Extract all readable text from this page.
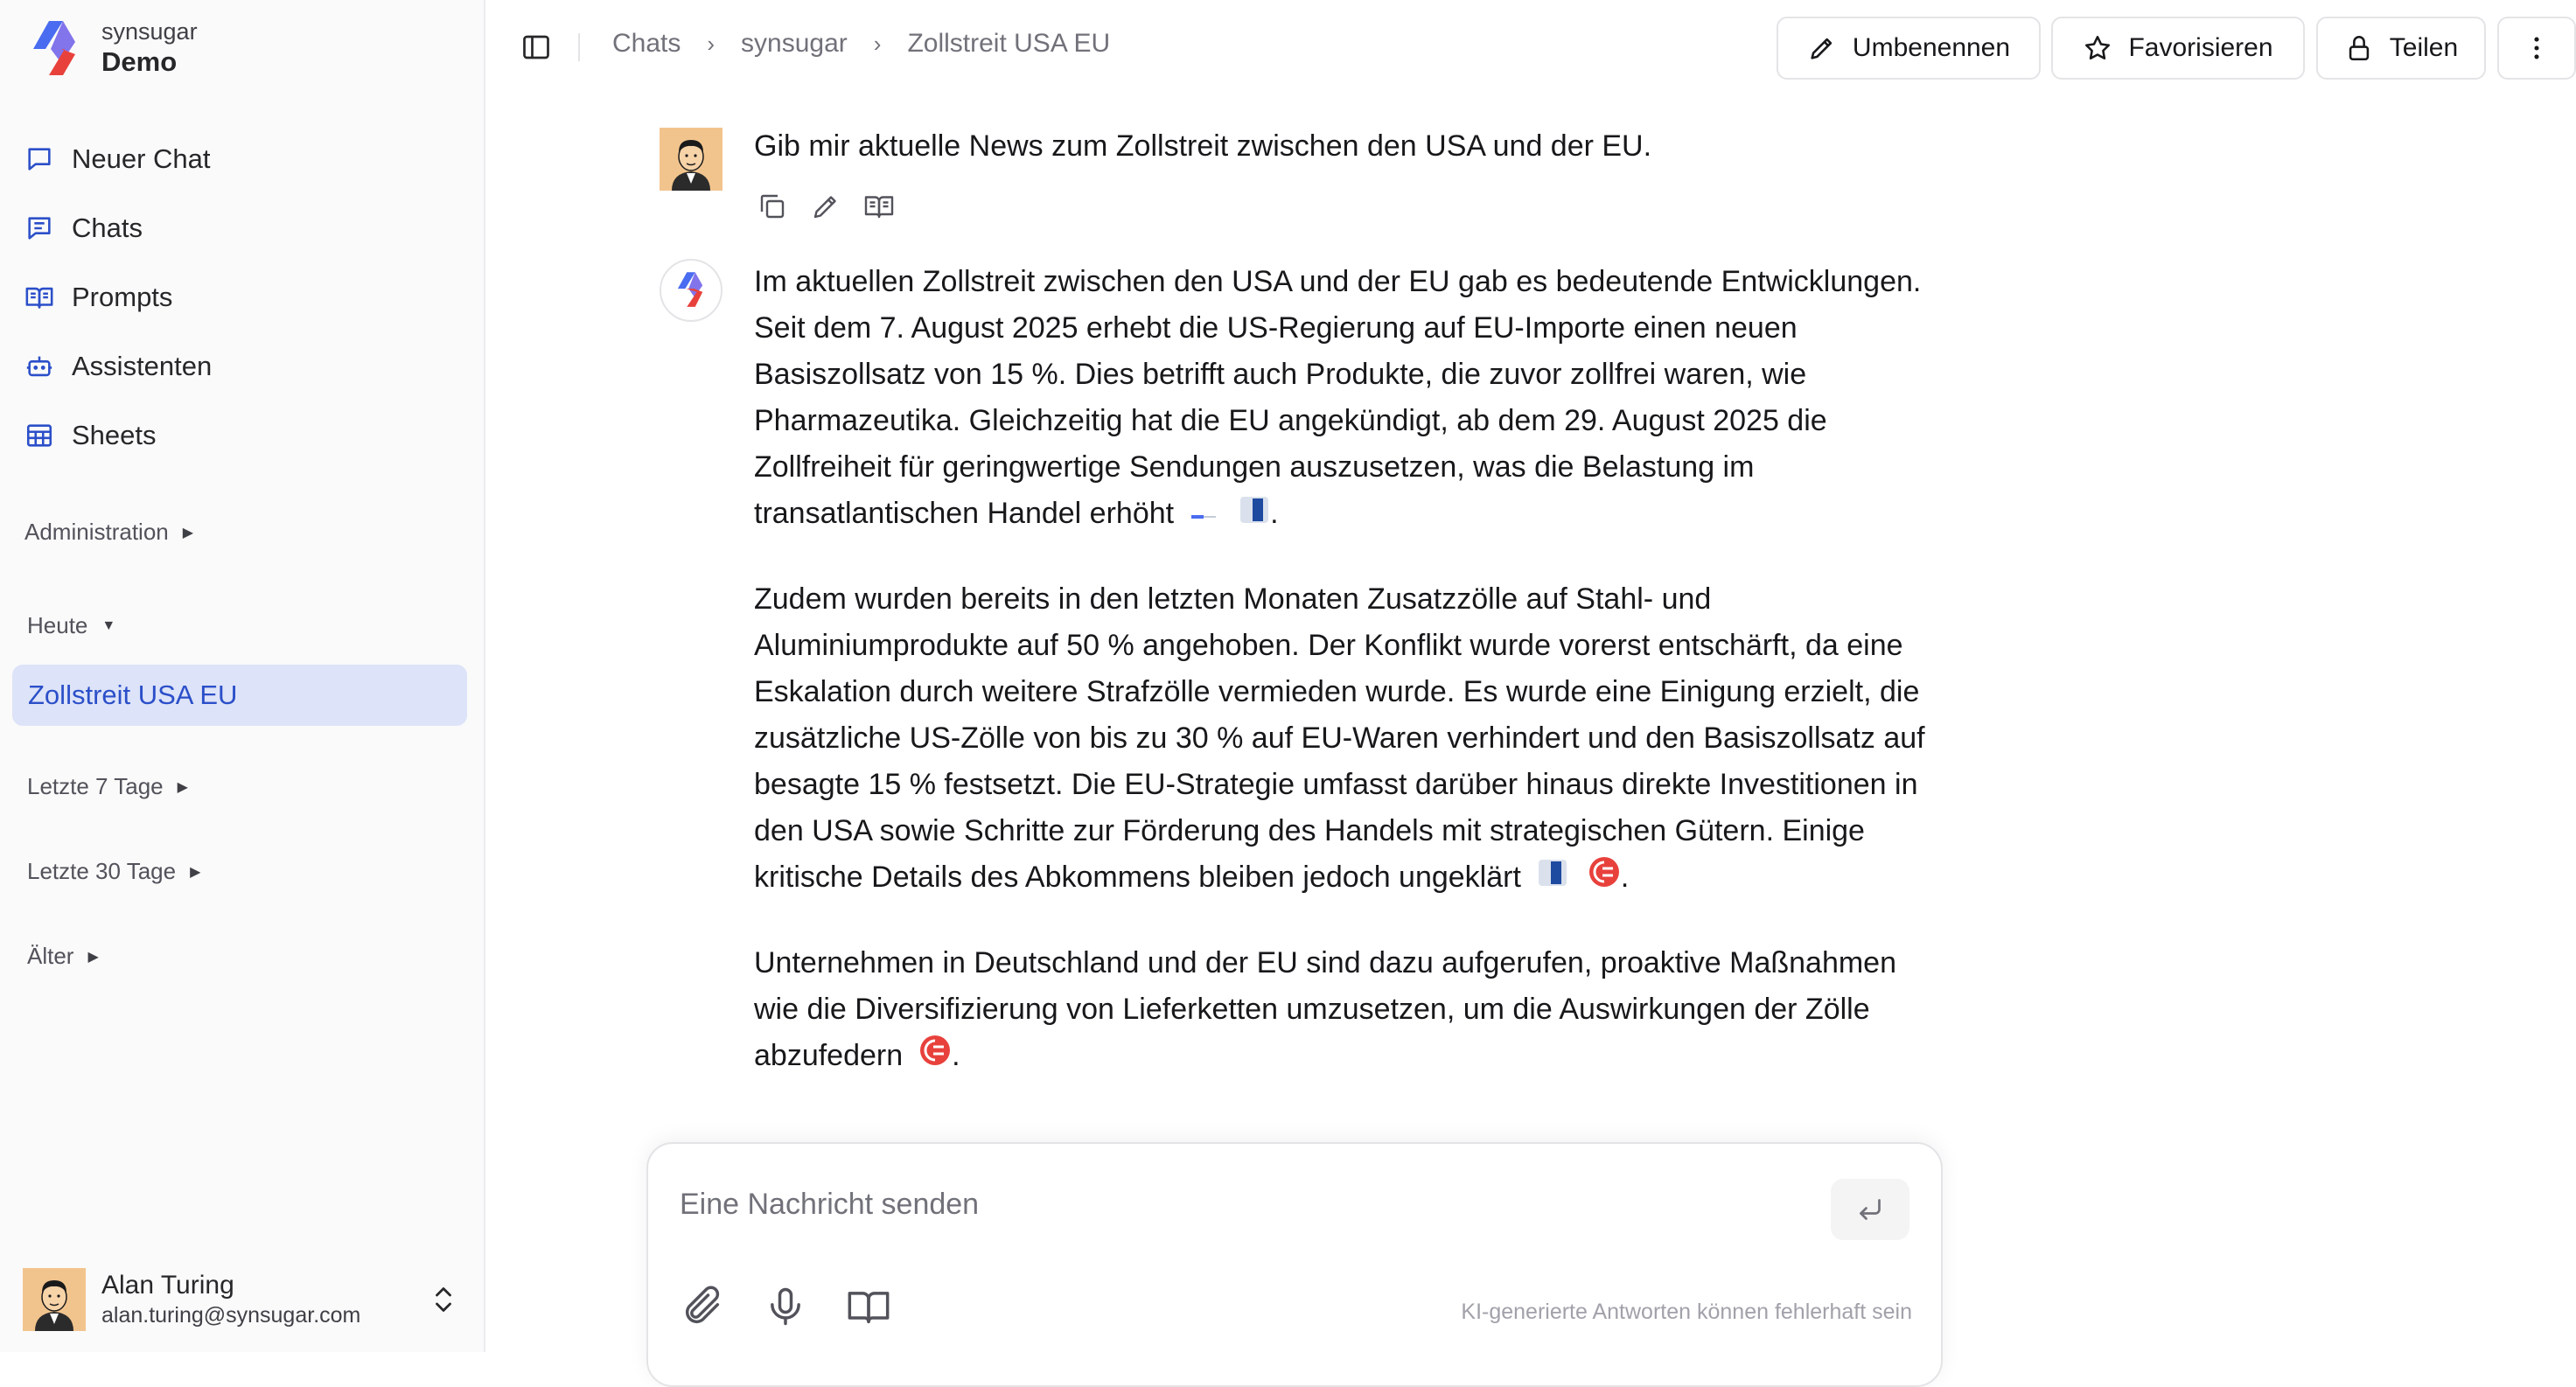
synsugar
Demo
Neuer Chat
Chats
Prompts
Assistenten
Sheets
Administration ▶
Heute ▼
Zollstreit USA EU
Letzte 7 Tage ▶
Letzte 30 Tage ▶
Älter ▶
Alan Turing
alan.turing@synsugar.com
Chats › synsugar › Zollstreit USA EU	Umbenennen	Favorisieren	Teilen
Gib mir aktuelle News zum Zollstreit zwischen den USA und der EU.

Im aktuellen Zollstreit zwischen den USA und der EU gab es bedeutende Entwicklungen. Seit dem 7. August 2025 erhebt die US-Regierung auf EU-Importe einen neuen Basiszollsatz von 15 %. Dies betrifft auch Produkte, die zuvor zollfrei waren, wie Pharmazeutika. Gleichzeitig hat die EU angekündigt, ab dem 29. August 2025 die Zollfreiheit für geringwertige Sendungen auszusetzen, was die Belastung im transatlantischen Handel erhöht	.

Zudem wurden bereits in den letzten Monaten Zusatzzölle auf Stahl- und Aluminiumprodukte auf 50 % angehoben. Der Konflikt wurde vorerst entschärft, da eine Eskalation durch weitere Strafzölle vermieden wurde. Es wurde eine Einigung erzielt, die zusätzliche US-Zölle von bis zu 30 % auf EU-Waren verhindert und den Basiszollsatz auf besagte 15 % festsetzt. Die EU-Strategie umfasst darüber hinaus direkte Investitionen in den USA sowie Schritte zur Förderung des Handels mit strategischen Gütern. Einige kritische Details des Abkommens bleiben jedoch ungeklärt	.

Unternehmen in Deutschland und der EU sind dazu aufgerufen, proaktive Maßnahmen wie die Diversifizierung von Lieferketten umzusetzen, um die Auswirkungen der Zölle abzufedern .

Eine Nachricht senden
KI-generierte Antworten können fehlerhaft sein
